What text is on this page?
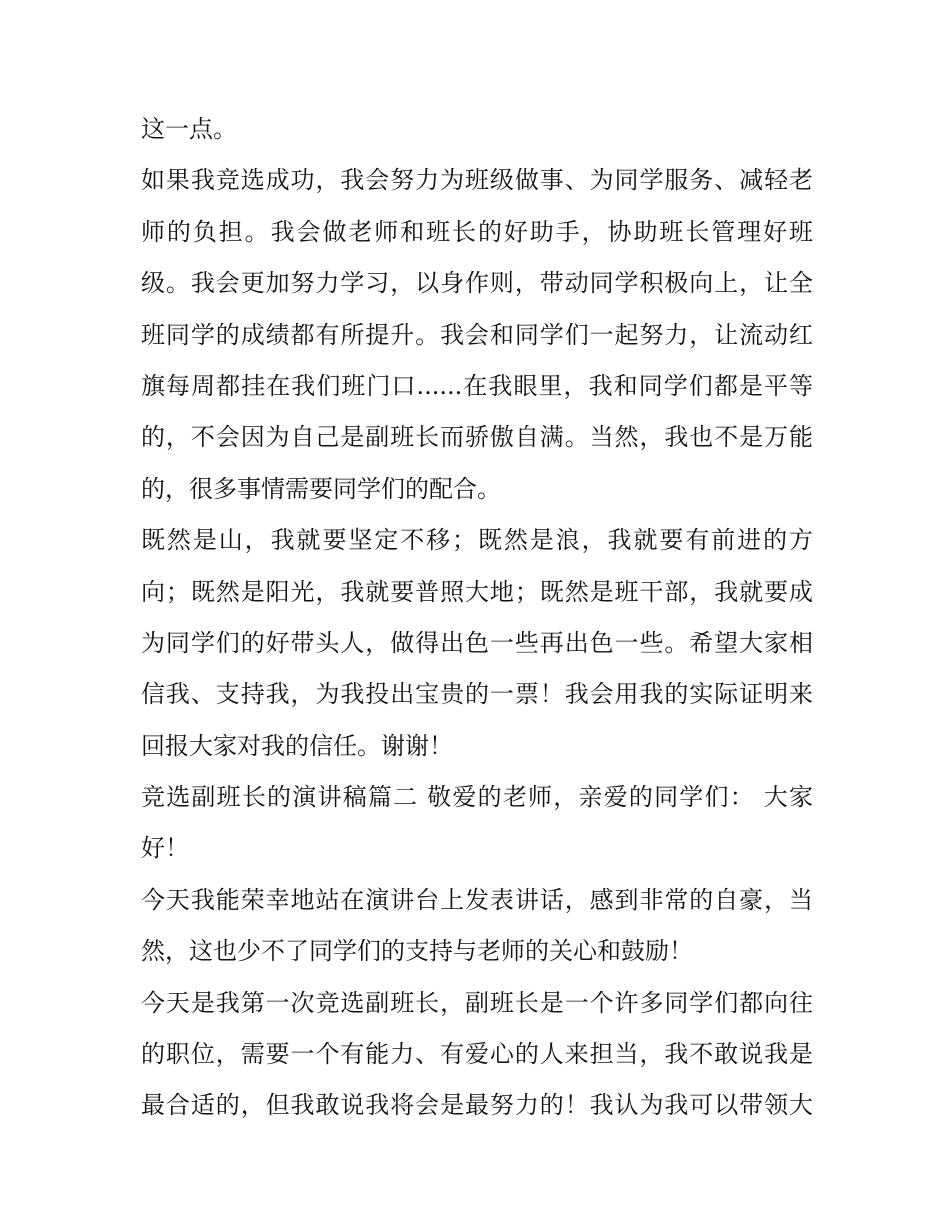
这一点。
如果我竞选成功，我会努力为班级做事、为同学服务、减轻老
师的负担。我会做老师和班长的好助手，协助班长管理好班
级。我会更加努力学习，以身作则，带动同学积极向上，让全
班同学的成绩都有所提升。我会和同学们一起努力，让流动红
旗每周都挂在我们班门口......在我眼里，我和同学们都是平等
的，不会因为自己是副班长而骄傲自满。当然，我也不是万能
的，很多事情需要同学们的配合。
既然是山，我就要坚定不移；既然是浪，我就要有前进的方
向；既然是阳光，我就要普照大地；既然是班干部，我就要成
为同学们的好带头人，做得出色一些再出色一些。希望大家相
信我、支持我，为我投出宝贵的一票！我会用我的实际证明来
回报大家对我的信任。谢谢！
竞选副班长的演讲稿篇二 敬爱的老师，亲爱的同学们： 大家
好！
今天我能荣幸地站在演讲台上发表讲话，感到非常的自豪，当
然，这也少不了同学们的支持与老师的关心和鼓励！
今天是我第一次竞选副班长，副班长是一个许多同学们都向往
的职位，需要一个有能力、有爱心的人来担当，我不敢说我是
最合适的，但我敢说我将会是最努力的！我认为我可以带领大
